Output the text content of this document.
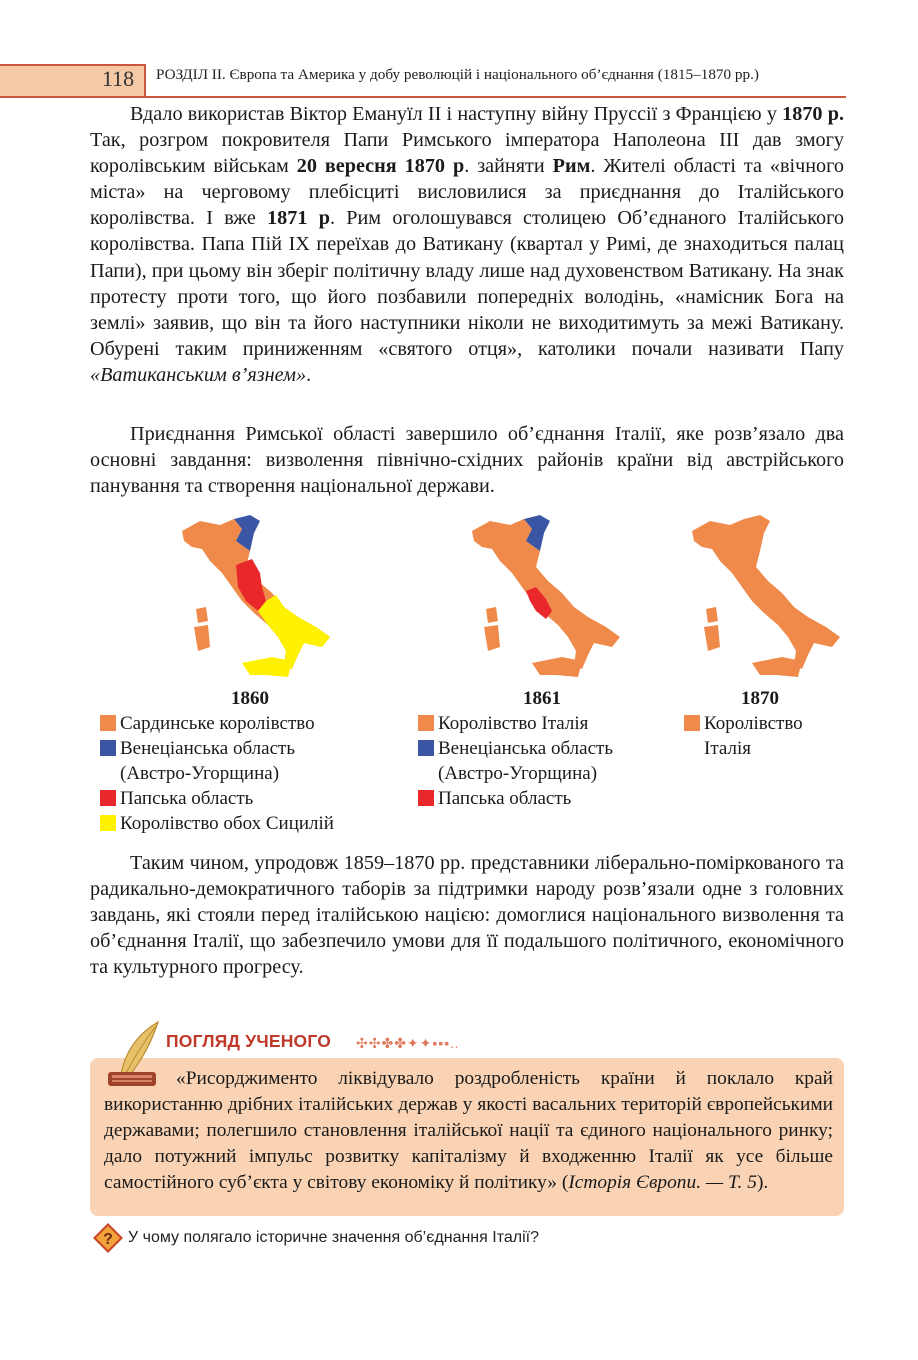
118 РОЗДІЛ ІІ. Європа та Америка у добу революцій і національного об’єднання (1815–1870 рр.)

Вдало використав Віктор Емануїл ІІ і наступну війну Пруссії з Францією у 1870 р. Так, розгром покровителя Папи Римського імператора Наполеона ІІІ дав змогу королівським військам 20 вересня 1870 р. зайняти Рим. Жителі області та «вічного міста» на черговому плебісциті висловилися за приєднання до Італійського королівства. І вже 1871 р. Рим оголошувався столицею Об’єднаного Італійського королівства. Папа Пій ІХ переїхав до Ватикану (квартал у Римі, де знаходиться палац Папи), при цьому він зберіг політичну владу лише над духовенством Ватикану. На знак протесту проти того, що його позбавили попередніх володінь, «намісник Бога на землі» заявив, що він та його наступники ніколи не виходитимуть за межі Ватикану. Обурені таким приниженням «святого отця», католики почали називати Папу «Ватиканським в’язнем».

Приєднання Римської області завершило об’єднання Італії, яке розв’язало два основні завдання: визволення північно-східних районів країни від австрійського панування та створення національної держави.

1860	1861	1870
Сардинське королівство
Венеціанська область
(Австро-Угорщина)
Папська область
Королівство обох Сицилій
Королівство Італія
Венеціанська область
(Австро-Угорщина)
Папська область
Королівство
Італія

Таким чином, упродовж 1859–1870 рр. представники ліберально-поміркованого та радикально-демократичного таборів за підтримки народу розв’язали одне з головних завдань, які стояли перед італійською нацією: домоглися національного визволення та об’єднання Італії, що забезпечило умови для її подальшого політичного, економічного та культурного прогресу.

ПОГЛЯД УЧЕНОГО ✣✣✤✤✦✦▪▪▪..

«Рисорджименто ліквідувало роздробленість країни й поклало край використанню дрібних італійських держав у якості васальних територій європейськими державами; полегшило становлення італійської нації та єдиного національного ринку; дало потужний імпульс розвитку капіталізму й входженню Італії як усе більше самостійного суб’єкта у світову економіку й політику» (Історія Європи. — Т. 5).

? У чому полягало історичне значення об’єднання Італії?
